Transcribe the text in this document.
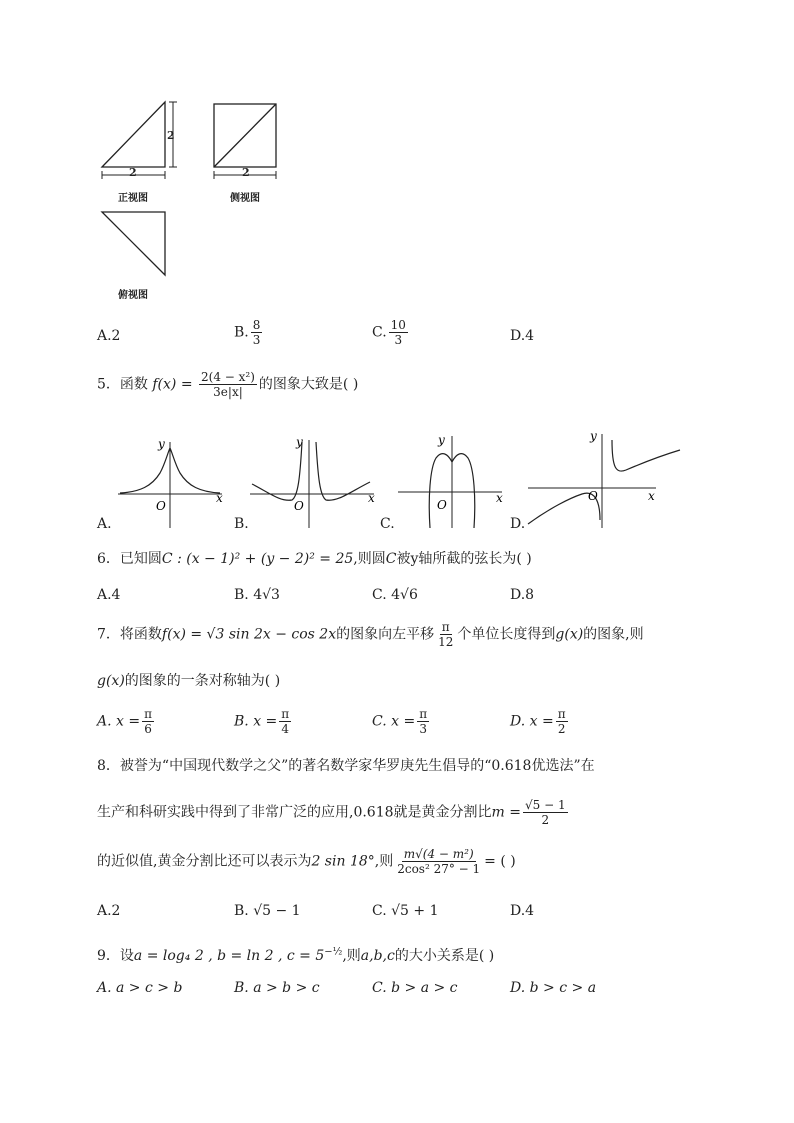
2
2	2
正视图	侧视图
俯视图
A.2	B. $\frac{8}{3}$	C. $\frac{10}{3}$	D.4
5．函数 $f(x) = \frac{\text{2(4 − x²)}}{3e|x|}$ 的图象大致是( )
y
x
O
y
x
O
y
x
O
y
x
O
A.	B.	C.	D.
6．已知圆C : (x − 1)² + (y − 2)² = 25,则圆C被y轴所截的弦长为( )
A.4	B. 4√3	C. 4√6	D.8
7．将函数f(x) = √3 sin 2x − cos 2x的图象向左平移 $\frac{\pi}{12}$ 个单位长度得到g(x)的图象,则
g(x)的图象的一条对称轴为( )
A. $x = \frac{\pi}{6}$	B. $x = \frac{\pi}{4}$	C. $x = \frac{\pi}{3}$	D. $x = \frac{\pi}{2}$
8．被誉为“中国现代数学之父”的著名数学家华罗庚先生倡导的“0.618优选法”在
生产和科研实践中得到了非常广泛的应用,0.618就是黄金分割比$m = \frac{√5 - 1}{2}$
的近似值,黄金分割比还可以表示为2 sin 18°,则 $\frac{\text{m√(4 − m²)}}{\text{2cos² 27° − 1}}$ = ( )
A.2	B. √5 − 1	C. √5 + 1	D.4
9．设a = log₄ 2 , b = ln 2 , $c = 5^{-\frac{1}{2}}$,则a,b,c的大小关系是( )
A. a > c > b	B. a > b > c	C. b > a > c	D. b > c > a
